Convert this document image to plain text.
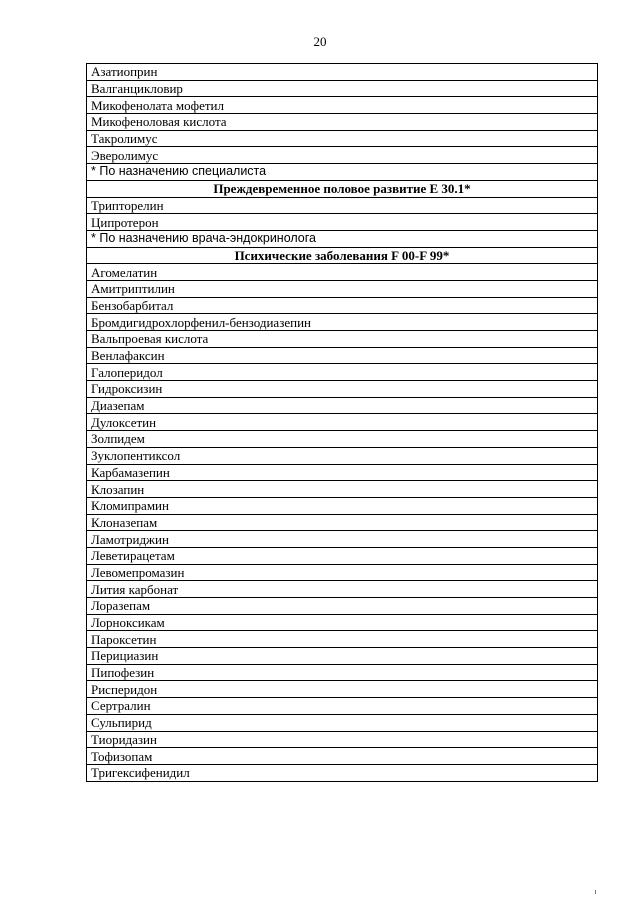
20
Азатиоприн
Валганцикловир
Микофенолата мофетил
Микофеноловая кислота
Такролимус
Эверолимус
* По назначению специалиста
Преждевременное половое развитие E 30.1*
Трипторелин
Ципротерон
* По назначению врача-эндокринолога
Психические заболевания F 00-F 99*
Агомелатин
Амитриптилин
Бензобарбитал
Бромдигидрохлорфенил-бензодиазепин
Вальпроевая кислота
Венлафаксин
Галоперидол
Гидроксизин
Диазепам
Дулоксетин
Золпидем
Зуклопентиксол
Карбамазепин
Клозапин
Кломипрамин
Клоназепам
Ламотриджин
Леветирацетам
Левомепромазин
Лития карбонат
Лоразепам
Лорноксикам
Пароксетин
Перициазин
Пипофезин
Рисперидон
Сертралин
Сульпирид
Тиоридазин
Тофизопам
Тригексифенидил
